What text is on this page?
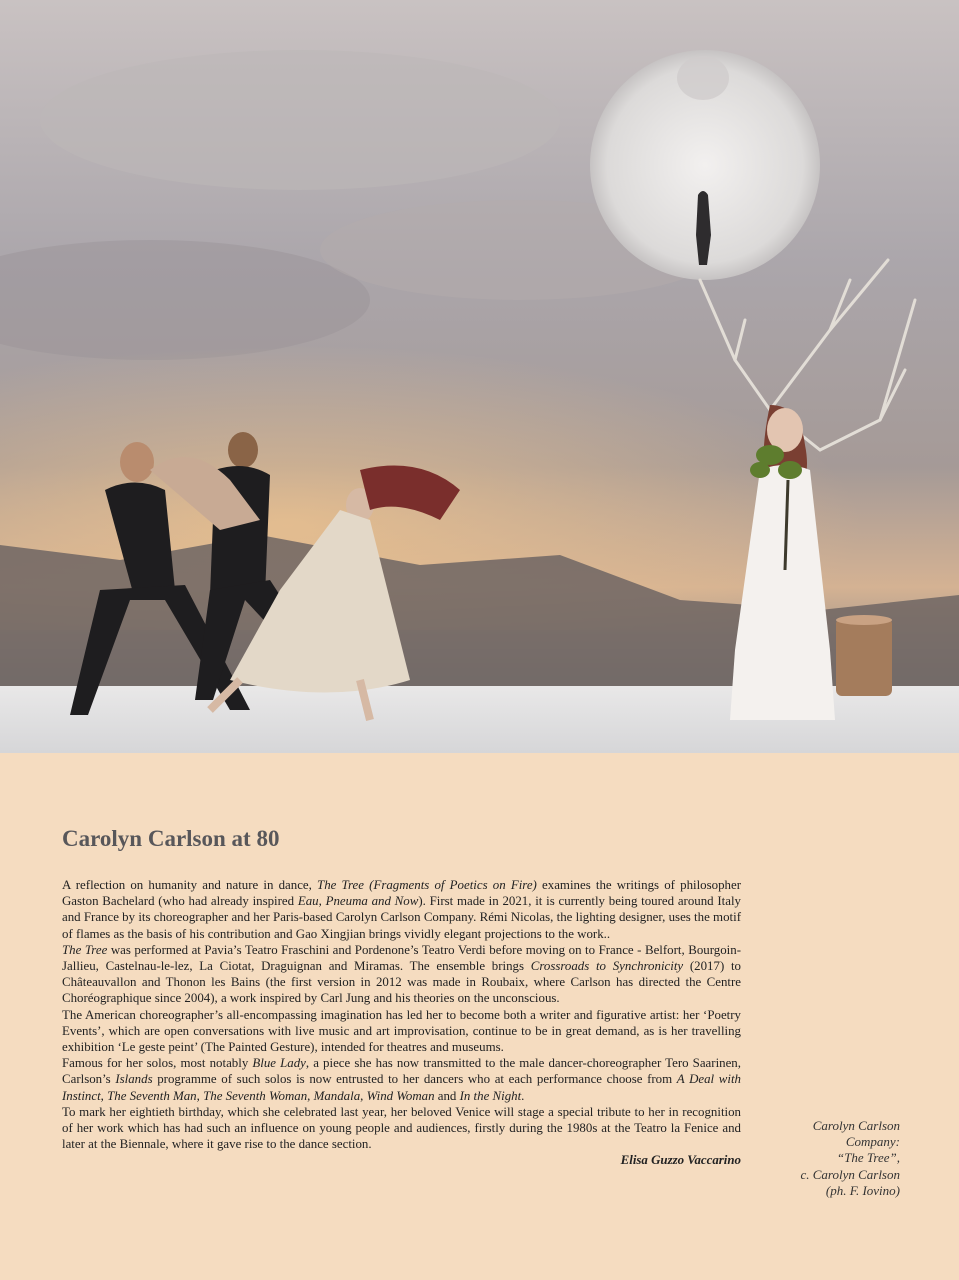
Carolyn Carlson at 80

A reflection on humanity and nature in dance, The Tree (Fragments of Poetics on Fire) examines the writings of philosopher Gaston Bachelard (who had already inspired Eau, Pneuma and Now). First made in 2021, it is currently being toured around Italy and France by its choreographer and her Paris-based Carolyn Carlson Company. Rémi Nicolas, the lighting designer, uses the motif of flames as the basis of his contribution and Gao Xingjian brings vividly elegant projections to the work..

The Tree was performed at Pavia’s Teatro Fraschini and Pordenone’s Teatro Verdi before moving on to France - Belfort, Bourgoin-Jallieu, Castelnau-le-lez, La Ciotat, Draguignan and Miramas. The ensemble brings Crossroads to Synchronicity (2017) to Châteauvallon and Thonon les Bains (the first version in 2012 was made in Roubaix, where Carlson has directed the Centre Choréographique since 2004), a work inspired by Carl Jung and his theories on the unconscious.

The American choreographer’s all-encompassing imagination has led her to become both a writer and figurative artist: her ‘Poetry Events’, which are open conversations with live music and art improvisation, continue to be in great demand, as is her travelling exhibition ‘Le geste peint’ (The Painted Gesture), intended for theatres and museums.

Famous for her solos, most notably Blue Lady, a piece she has now transmitted to the male dancer-choreographer Tero Saarinen, Carlson’s Islands programme of such solos is now entrusted to her dancers who at each performance choose from A Deal with Instinct, The Seventh Man, The Seventh Woman, Mandala, Wind Woman and In the Night.

To mark her eightieth birthday, which she celebrated last year, her beloved Venice will stage a special tribute to her in recognition of her work which has had such an influence on young people and audiences, firstly during the 1980s at the Teatro la Fenice and later at the Biennale, where it gave rise to the dance section.

Elisa Guzzo Vaccarino

Carolyn Carlson
Company:
“The Tree”,
c. Carolyn Carlson
(ph. F. Iovino)
